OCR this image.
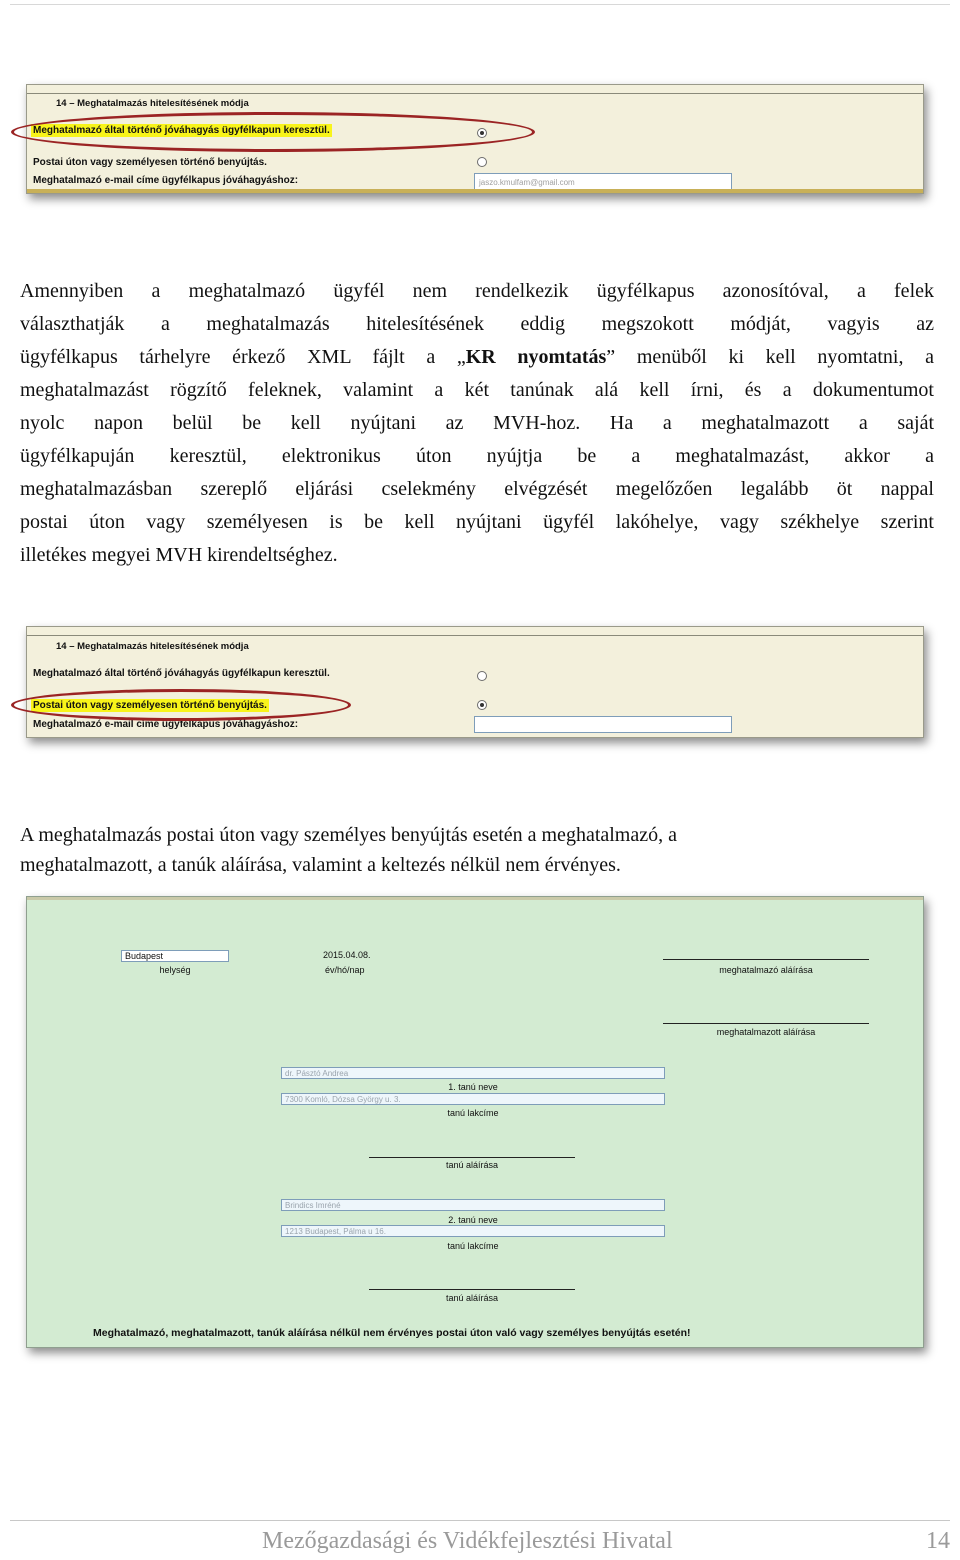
14 – Meghatalmazás hitelesítésének módja
Meghatalmazó által történő jóváhagyás ügyfélkapun keresztül.
Postai úton vagy személyesen történő benyújtás.
Meghatalmazó e-mail címe ügyfélkapus jóváhagyáshoz:	jaszo.kmulfam@gmail.com
Amennyiben a meghatalmazó ügyfél nem rendelkezik ügyfélkapus azonosítóval, a felek
választhatják a meghatalmazás hitelesítésének eddig megszokott módját, vagyis az
ügyfélkapus tárhelyre érkező XML fájlt a „KR nyomtatás” menüből ki kell nyomtatni, a
meghatalmazást rögzítő feleknek, valamint a két tanúnak alá kell írni, és a dokumentumot
nyolc napon belül be kell nyújtani az MVH-hoz. Ha a meghatalmazott a saját
ügyfélkapuján keresztül, elektronikus úton nyújtja be a meghatalmazást, akkor a
meghatalmazásban szereplő eljárási cselekmény elvégzését megelőzően legalább öt nappal
postai úton vagy személyesen is be kell nyújtani ügyfél lakóhelye, vagy székhelye szerint
illetékes megyei MVH kirendeltséghez.
14 – Meghatalmazás hitelesítésének módja
Meghatalmazó által történő jóváhagyás ügyfélkapun keresztül.
Postai úton vagy személyesen történő benyújtás.
Meghatalmazó e-mail címe ügyfélkapus jóváhagyáshoz:

A meghatalmazás postai úton vagy személyes benyújtás esetén a meghatalmazó, a

meghatalmazott, a tanúk aláírása, valamint a keltezés nélkül nem érvényes.

Budapest
helység
2015.04.08.
év/hó/nap	meghatalmazó aláírása
meghatalmazott aláírása
dr. Pásztó Andrea
1. tanú neve
7300 Komló, Dózsa György u. 3.
tanú lakcíme
tanú aláírása
Brindics Imréné
2. tanú neve
1213 Budapest, Pálma u 16.
tanú lakcíme
tanú aláírása
Meghatalmazó, meghatalmazott, tanúk aláírása nélkül nem érvényes postai úton való vagy személyes benyújtás esetén!
Mezőgazdasági és Vidékfejlesztési Hivatal	14
